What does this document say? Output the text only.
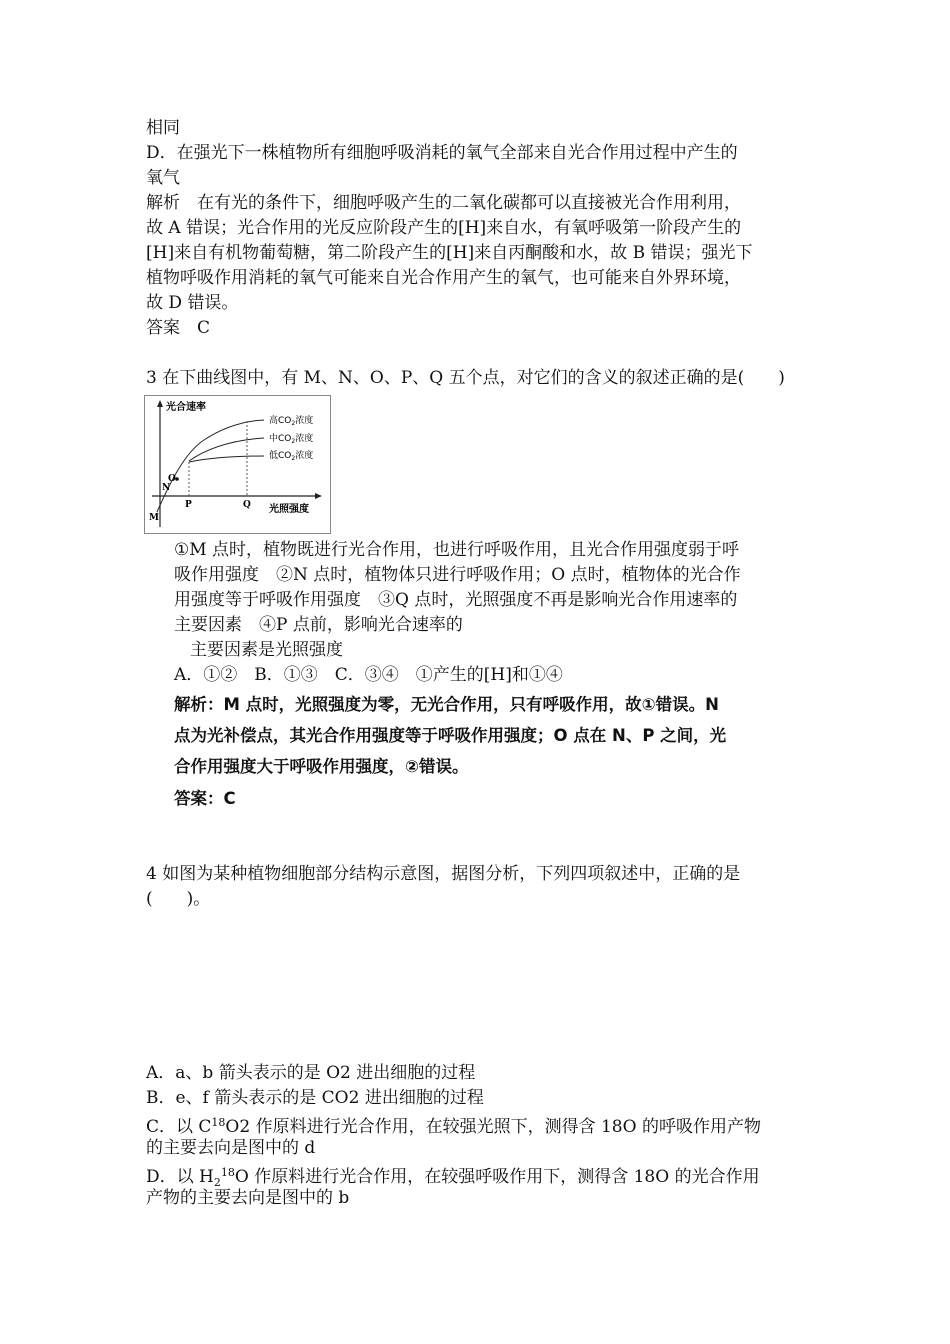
相同
D．在强光下一株植物所有细胞呼吸消耗的氧气全部来自光合作用过程中产生的
氧气
解析　在有光的条件下，细胞呼吸产生的二氧化碳都可以直接被光合作用利用，
故 A 错误；光合作用的光反应阶段产生的[H]来自水，有氧呼吸第一阶段产生的
[H]来自有机物葡萄糖，第二阶段产生的[H]来自丙酮酸和水，故 B 错误；强光下
植物呼吸作用消耗的氧气可能来自光合作用产生的氧气，也可能来自外界环境，
故 D 错误。
答案　C
3 在下曲线图中，有 M、N、O、P、Q 五个点，对它们的含义的叙述正确的是(　　)
光合速率
光照强度
M
N
O
P	Q
高$CO_2$浓度
中$CO_2$浓度
低$CO_2$浓度
①M 点时，植物既进行光合作用，也进行呼吸作用，且光合作用强度弱于呼
吸作用强度　②N 点时，植物体只进行呼吸作用；O 点时，植物体的光合作
用强度等于呼吸作用强度　③Q 点时，光照强度不再是影响光合作用速率的
主要因素　④P 点前，影响光合速率的
主要因素是光照强度
A．①②　B．①③　C．③④　①产生的[H]和①④
解析：M 点时，光照强度为零，无光合作用，只有呼吸作用，故①错误。N
点为光补偿点，其光合作用强度等于呼吸作用强度；O 点在 N、P 之间，光
合作用强度大于呼吸作用强度，②错误。
答案：C
4 如图为某种植物细胞部分结构示意图，据图分析，下列四项叙述中，正确的是
(　　)。
A．a、b 箭头表示的是 O2 进出细胞的过程
B．e、f 箭头表示的是 CO2 进出细胞的过程
C．以 $C^{18}O2$ 作原料进行光合作用，在较强光照下，测得含 18O 的呼吸作用产物
的主要去向是图中的 d
D．以 $H_2^{18}O$ 作原料进行光合作用，在较强呼吸作用下，测得含 18O 的光合作用
产物的主要去向是图中的 b
